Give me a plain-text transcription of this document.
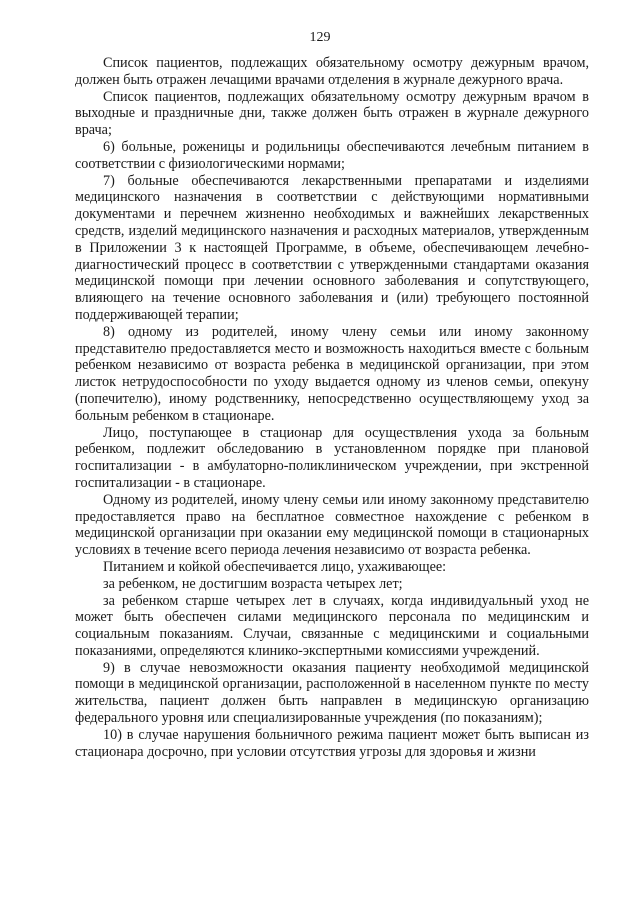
129

Список пациентов, подлежащих обязательному осмотру дежурным врачом, должен быть отражен лечащими врачами отделения в журнале дежурного врача.

Список пациентов, подлежащих обязательному осмотру дежурным врачом в выходные и праздничные дни, также должен быть отражен в журнале дежурного врача;

6) больные, роженицы и родильницы обеспечиваются лечебным питанием в соответствии с физиологическими нормами;

7) больные обеспечиваются лекарственными препаратами и изделиями медицинского назначения в соответствии с действующими нормативными документами и перечнем жизненно необходимых и важнейших лекарственных средств, изделий медицинского назначения и расходных материалов, утвержденным в Приложении 3 к настоящей Программе, в объеме, обеспечивающем лечебно-диагностический процесс в соответствии с утвержденными стандартами оказания медицинской помощи при лечении основного заболевания и сопутствующего, влияющего на течение основного заболевания и (или) требующего постоянной поддерживающей терапии;

8) одному из родителей, иному члену семьи или иному законному представителю предоставляется место и возможность находиться вместе с больным ребенком независимо от возраста ребенка в медицинской организации, при этом листок нетрудоспособности по уходу выдается одному из членов семьи, опекуну (попечителю), иному родственнику, непосредственно осуществляющему уход за больным ребенком в стационаре.

Лицо, поступающее в стационар для осуществления ухода за больным ребенком, подлежит обследованию в установленном порядке при плановой госпитализации - в амбулаторно-поликлиническом учреждении, при экстренной госпитализации - в стационаре.

Одному из родителей, иному члену семьи или иному законному представителю предоставляется право на бесплатное совместное нахождение с ребенком в медицинской организации при оказании ему медицинской помощи в стационарных условиях в течение всего периода лечения независимо от возраста ребенка.

Питанием и койкой обеспечивается лицо, ухаживающее:

за ребенком, не достигшим возраста четырех лет;

за ребенком старше четырех лет в случаях, когда индивидуальный уход не может быть обеспечен силами медицинского персонала по медицинским и социальным показаниям. Случаи, связанные с медицинскими и социальными показаниями, определяются клинико-экспертными комиссиями учреждений.

9) в случае невозможности оказания пациенту необходимой медицинской помощи в медицинской организации, расположенной в населенном пункте по месту жительства, пациент должен быть направлен в медицинскую организацию федерального уровня или специализированные учреждения (по показаниям);

10) в случае нарушения больничного режима пациент может быть выписан из стационара досрочно, при условии отсутствия угрозы для здоровья и жизни
